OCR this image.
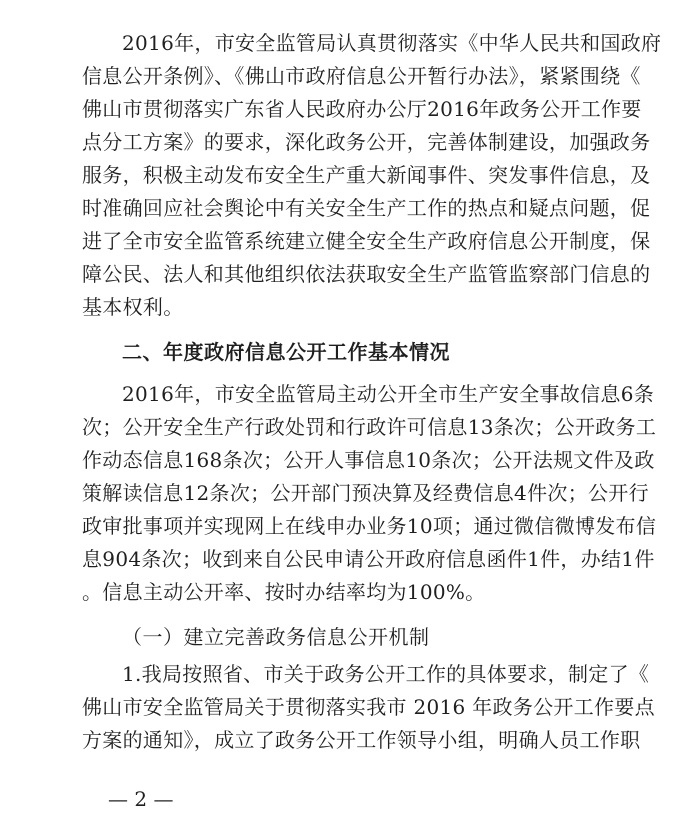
2016年，市安全监管局认真贯彻落实《中华人民共和国政府
信息公开条例》、《佛山市政府信息公开暂行办法》，紧紧围绕《
佛山市贯彻落实广东省人民政府办公厅2016年政务公开工作要
点分工方案》的要求，深化政务公开，完善体制建设，加强政务
服务，积极主动发布安全生产重大新闻事件、突发事件信息，及
时准确回应社会舆论中有关安全生产工作的热点和疑点问题，促
进了全市安全监管系统建立健全安全生产政府信息公开制度，保
障公民、法人和其他组织依法获取安全生产监管监察部门信息的
基本权利。
二、年度政府信息公开工作基本情况
2016年，市安全监管局主动公开全市生产安全事故信息6条
次；公开安全生产行政处罚和行政许可信息13条次；公开政务工
作动态信息168条次；公开人事信息10条次；公开法规文件及政
策解读信息12条次；公开部门预决算及经费信息4件次；公开行
政审批事项并实现网上在线申办业务10项；通过微信微博发布信
息904条次；收到来自公民申请公开政府信息函件1件，办结1件
。信息主动公开率、按时办结率均为100%。
（一）建立完善政务信息公开机制
1.我局按照省、市关于政务公开工作的具体要求，制定了《
佛山市安全监管局关于贯彻落实我市 2016 年政务公开工作要点
方案的通知》，成立了政务公开工作领导小组，明确人员工作职
— 2 —
